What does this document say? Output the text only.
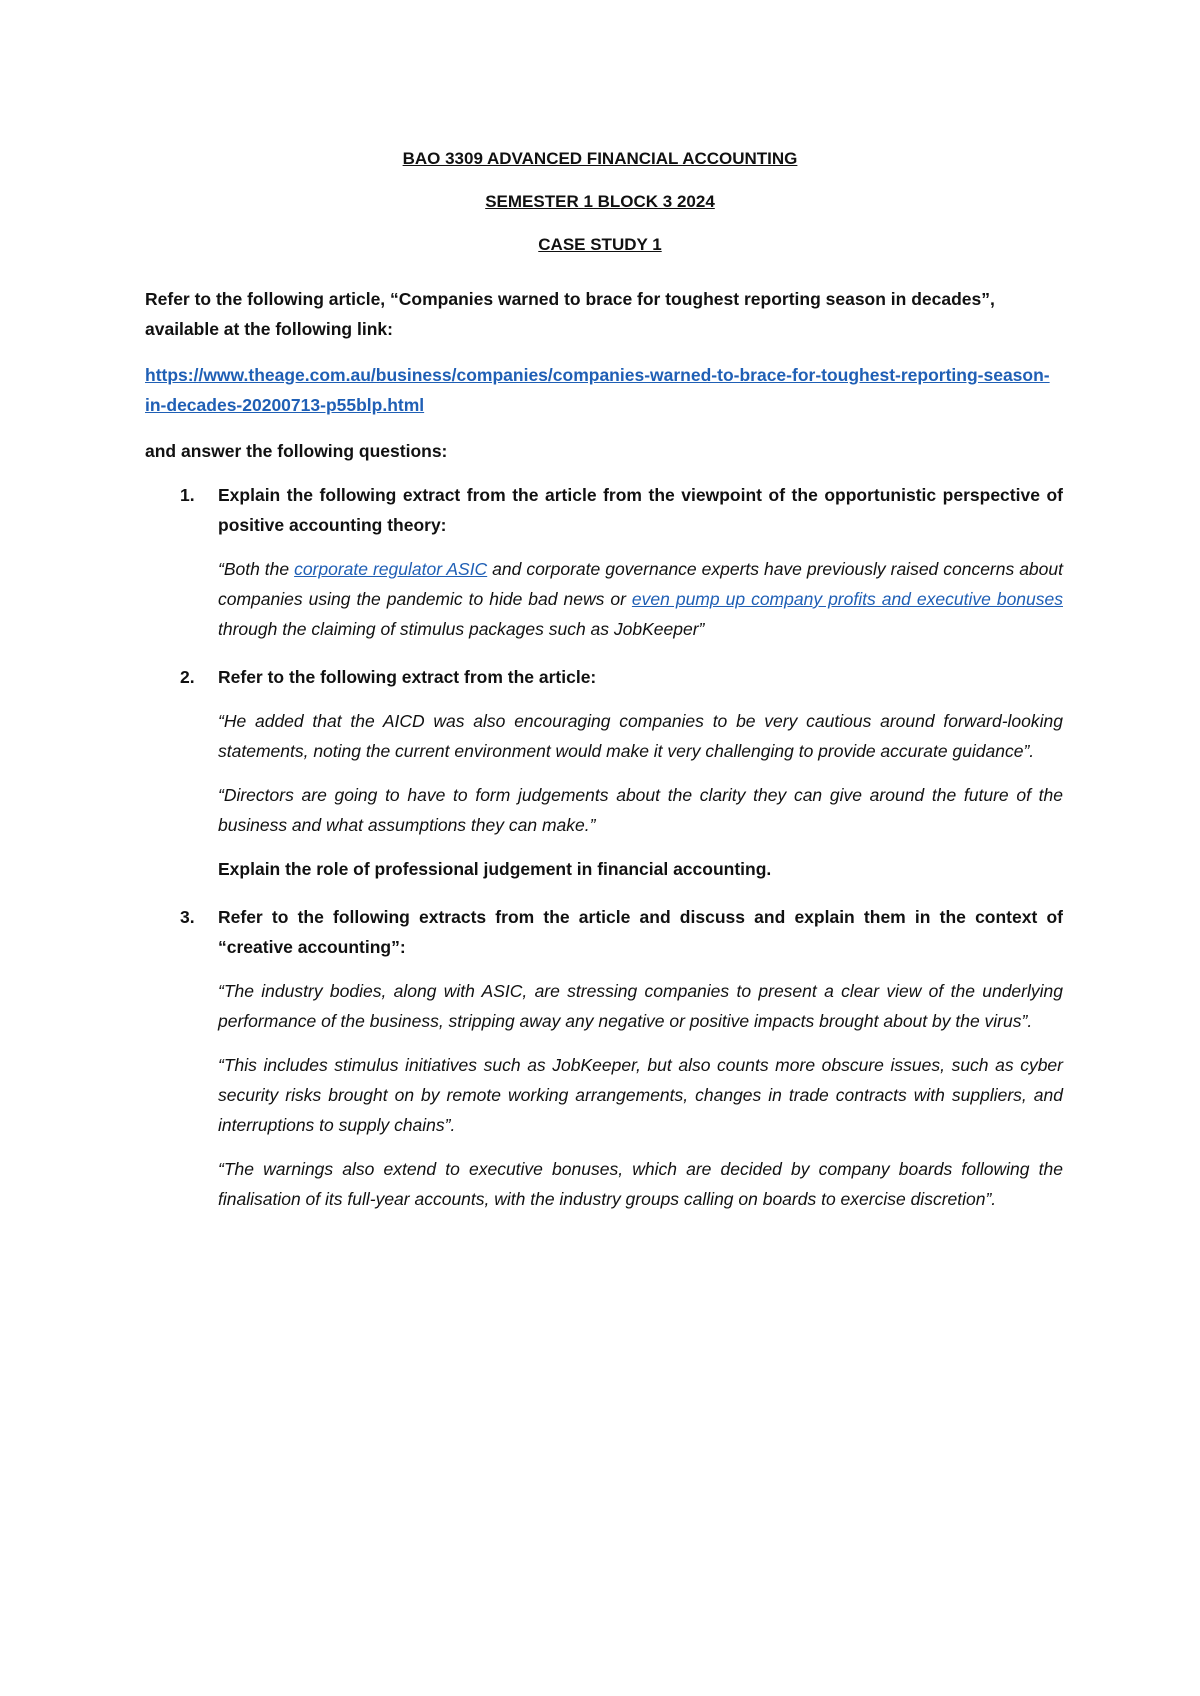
BAO 3309 ADVANCED FINANCIAL ACCOUNTING

SEMESTER 1 BLOCK 3 2024

CASE STUDY 1

Refer to the following article, “Companies warned to brace for toughest reporting season in decades”, available at the following link:

https://www.theage.com.au/business/companies/companies-warned-to-brace-for-toughest-reporting-season-in-decades-20200713-p55blp.html

and answer the following questions:

1. Explain the following extract from the article from the viewpoint of the opportunistic perspective of positive accounting theory:

“Both the corporate regulator ASIC and corporate governance experts have previously raised concerns about companies using the pandemic to hide bad news or even pump up company profits and executive bonuses through the claiming of stimulus packages such as JobKeeper”

2. Refer to the following extract from the article:

“He added that the AICD was also encouraging companies to be very cautious around forward-looking statements, noting the current environment would make it very challenging to provide accurate guidance”.

“Directors are going to have to form judgements about the clarity they can give around the future of the business and what assumptions they can make.”

Explain the role of professional judgement in financial accounting.

3. Refer to the following extracts from the article and discuss and explain them in the context of “creative accounting”:

“The industry bodies, along with ASIC, are stressing companies to present a clear view of the underlying performance of the business, stripping away any negative or positive impacts brought about by the virus”.

“This includes stimulus initiatives such as JobKeeper, but also counts more obscure issues, such as cyber security risks brought on by remote working arrangements, changes in trade contracts with suppliers, and interruptions to supply chains”.

“The warnings also extend to executive bonuses, which are decided by company boards following the finalisation of its full-year accounts, with the industry groups calling on boards to exercise discretion”.
